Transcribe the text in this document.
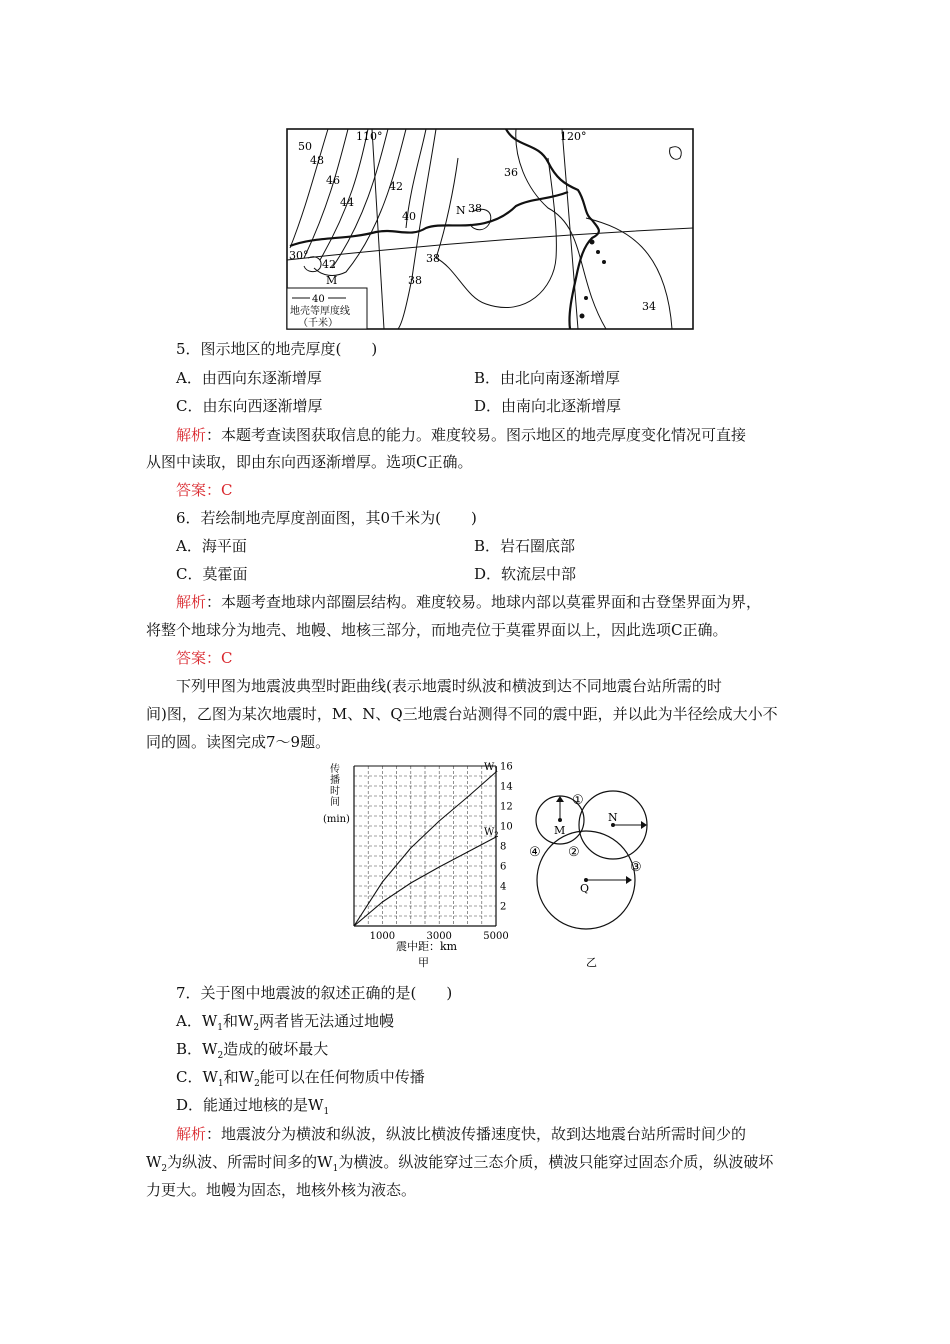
110°	120°
30°
50
48
46
44
42
42
40
38
38
36
34
N 38
M
40
地壳等厚度线
（千米）
5．图示地区的地壳厚度(　　)
A．由西向东逐渐增厚	B．由北向南逐渐增厚
C．由东向西逐渐增厚	D．由南向北逐渐增厚
解析：本题考查读图获取信息的能力。难度较易。图示地区的地壳厚度变化情况可直接
从图中读取，即由东向西逐渐增厚。选项C正确。
答案：C
6．若绘制地壳厚度剖面图，其0千米为(　　)
A．海平面	B．岩石圈底部
C．莫霍面	D．软流层中部
解析：本题考查地球内部圈层结构。难度较易。地球内部以莫霍界面和古登堡界面为界，
将整个地球分为地壳、地幔、地核三部分，而地壳位于莫霍界面以上，因此选项C正确。
答案：C
下列甲图为地震波典型时距曲线(表示地震时纵波和横波到达不同地震台站所需的时
间)图，乙图为某次地震时，M、N、Q三地震台站测得不同的震中距，并以此为半径绘成大小不
同的圆。读图完成7～9题。
$W_1$
$W_2$
2
4
6
8
10
12
14
16
1000	3000	5000
传
播
时
间
(min)
震中距：km
甲
M
N
Q
①
②
③
④
乙
7．关于图中地震波的叙述正确的是(　　)
A．$W_1$和$W_2$两者皆无法通过地幔
B．$W_2$造成的破坏最大
C．$W_1$和$W_2$能可以在任何物质中传播
D．能通过地核的是$W_1$
解析：地震波分为横波和纵波，纵波比横波传播速度快，故到达地震台站所需时间少的
$W_2$为纵波、所需时间多的$W_1$为横波。纵波能穿过三态介质，横波只能穿过固态介质，纵波破坏
力更大。地幔为固态，地核外核为液态。
